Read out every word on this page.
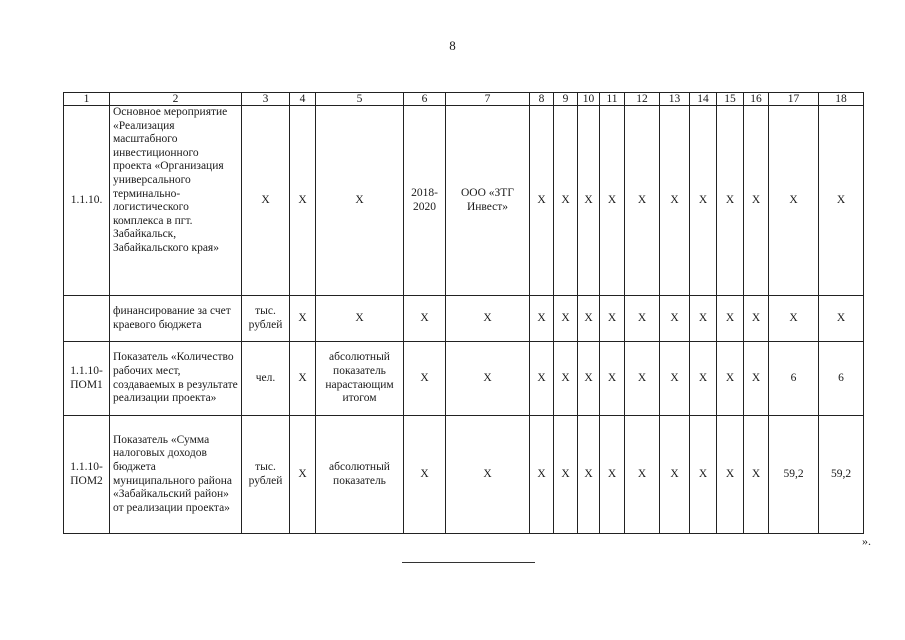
8
1	2	3	4	5	6	7	8	9	10	11	12	13	14	15	16	17	18
1.1.10.	Основное мероприятие «Реализация масштабного инвестиционного проекта «Организация универсального терминально-логистического комплекса в пгт. Забайкальск, Забайкальского края»	X	X	X	2018-2020	ООО «ЗТГ Инвест»	X	X	X	X	X	X	X	X	X	X	X
	финансирование за счет краевого бюджета	тыс. рублей	X	X	X	X	X	X	X	X	X	X	X	X	X	X	X
1.1.10-ПОМ1	Показатель «Количество рабочих мест, создаваемых в результате реализации проекта»	чел.	X	абсолютный показатель нарастающим итогом	X	X	X	X	X	X	X	X	X	X	X	6	6
1.1.10-ПОМ2	Показатель «Сумма налоговых доходов бюджета муниципального района «Забайкальский район» от реализации проекта»	тыс. рублей	X	абсолютный показатель	X	X	X	X	X	X	X	X	X	X	X	59,2	59,2
».
